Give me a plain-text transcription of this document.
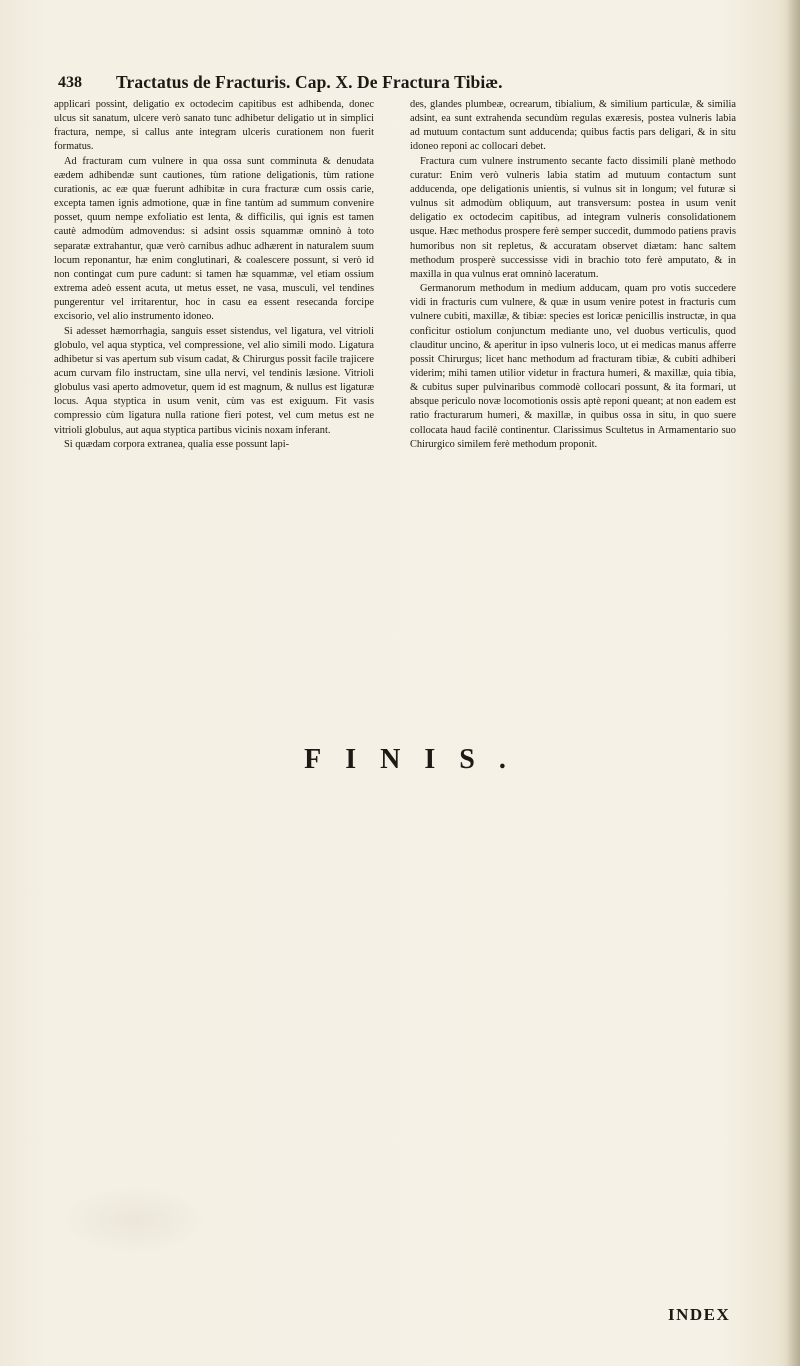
438 Tractatus de Fracturis. Cap. X. De Fractura Tibiæ.

applicari possint, deligatio ex octodecim capitibus est adhibenda, donec ulcus sit sanatum, ulcere verò sanato tunc adhibetur deligatio ut in simplici fractura, nempe, si callus ante integram ulceris curationem non fuerit formatus.

Ad fracturam cum vulnere in qua ossa sunt comminuta & denudata eædem adhibendæ sunt cautiones, tùm ratione deligationis, tùm ratione curationis, ac eæ quæ fuerunt adhibitæ in cura fracturæ cum ossis carie, excepta tamen ignis admotione, quæ in fine tantùm ad summum convenire posset, quum nempe exfoliatio est lenta, & difficilis, qui ignis est tamen cautè admodùm admovendus: si adsint ossis squammæ omninò à toto separatæ extrahantur, quæ verò carnibus adhuc adhærent in naturalem suum locum reponantur, hæ enim conglutinari, & coalescere possunt, si verò id non contingat cum pure cadunt: si tamen hæ squammæ, vel etiam ossium extrema adeò essent acuta, ut metus esset, ne vasa, musculi, vel tendines pungerentur vel irritarentur, hoc in casu ea essent resecanda forcipe excisorio, vel alio instrumento idoneo.

Si adesset hæmorrhagia, sanguis esset sistendus, vel ligatura, vel vitrioli globulo, vel aqua styptica, vel compressione, vel alio simili modo. Ligatura adhibetur si vas apertum sub visum cadat, & Chirurgus possit facile trajicere acum curvam filo instructam, sine ulla nervi, vel tendinis læsione. Vitrioli globulus vasi aperto admovetur, quem id est magnum, & nullus est ligaturæ locus. Aqua styptica in usum venit, cùm vas est exiguum. Fit vasis compressio cùm ligatura nulla ratione fieri potest, vel cum metus est ne vitrioli globulus, aut aqua styptica partibus vicinis noxam inferant.

Si quædam corpora extranea, qualia esse possunt lapi-

des, glandes plumbeæ, ocrearum, tibialium, & similium particulæ, & similia adsint, ea sunt extrahenda secundùm regulas exæresis, postea vulneris labia ad mutuum contactum sunt adducenda; quibus factis pars deligari, & in situ idoneo reponi ac collocari debet.

Fractura cum vulnere instrumento secante facto dissimili planè methodo curatur: Enim verò vulneris labia statim ad mutuum contactum sunt adducenda, ope deligationis unientis, si vulnus sit in longum; vel futuræ si vulnus sit admodùm obliquum, aut transversum: postea in usum venit deligatio ex octodecim capitibus, ad integram vulneris consolidationem usque. Hæc methodus prospere ferè semper succedit, dummodo patiens pravis humoribus non sit repletus, & accuratam observet diætam: hanc saltem methodum prosperè successisse vidi in brachio toto ferè amputato, & in maxilla in qua vulnus erat omninò laceratum.

Germanorum methodum in medium adducam, quam pro votis succedere vidi in fracturis cum vulnere, & quæ in usum venire potest in fracturis cum vulnere cubiti, maxillæ, & tibiæ: species est loricæ penicillis instructæ, in qua conficitur ostiolum conjunctum mediante uno, vel duobus verticulis, quod clauditur uncino, & aperitur in ipso vulneris loco, ut ei medicas manus afferre possit Chirurgus; licet hanc methodum ad fracturam tibiæ, & cubiti adhiberi viderim; mihi tamen utilior videtur in fractura humeri, & maxillæ, quia tibia, & cubitus super pulvinaribus commodè collocari possunt, & ita formari, ut absque periculo novæ locomotionis ossis aptè reponi queant; at non eadem est ratio fracturarum humeri, & maxillæ, in quibus ossa in situ, in quo suere collocata haud facilè continentur. Clarissimus Scultetus in Armamentario suo Chirurgico similem ferè methodum proponit.

FINIS.
INDEX
